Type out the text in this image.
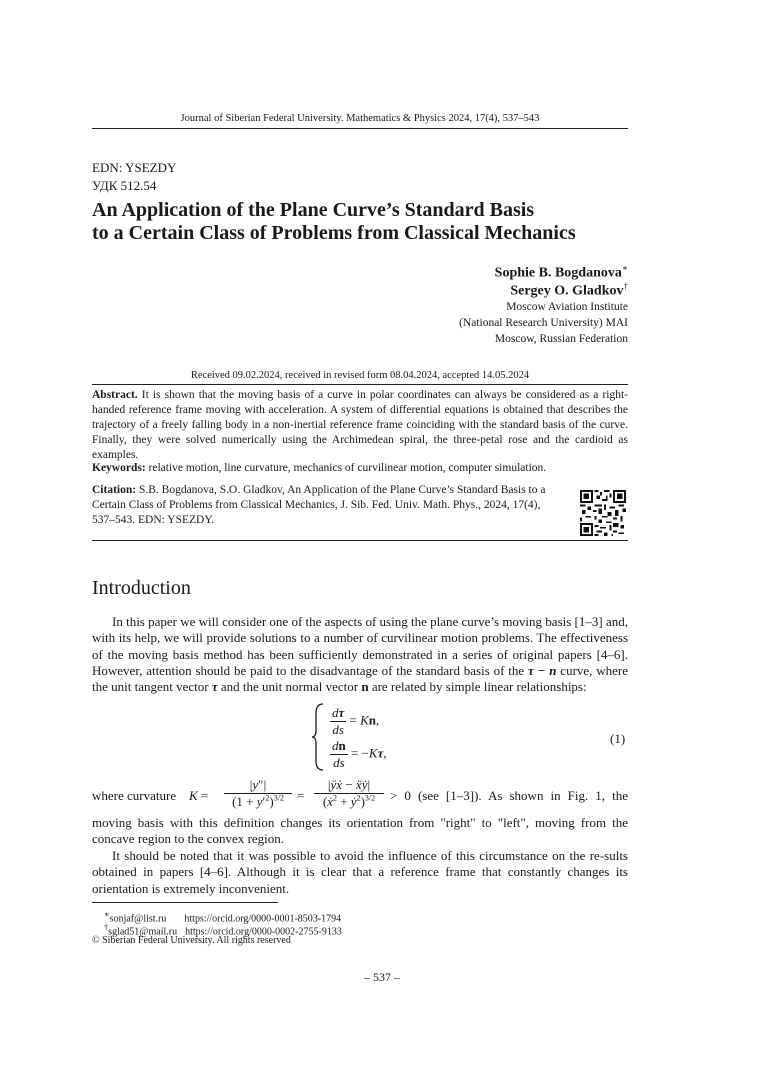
Journal of Siberian Federal University. Mathematics & Physics 2024, 17(4), 537–543
EDN: YSEZDY
УДК 512.54
An Application of the Plane Curve’s Standard Basis
to a Certain Class of Problems from Classical Mechanics
Sophie B. Bogdanova∗
Sergey O. Gladkov†
Moscow Aviation Institute
(National Research University) MAI
Moscow, Russian Federation
Received 09.02.2024, received in revised form 08.04.2024, accepted 14.05.2024
Abstract. It is shown that the moving basis of a curve in polar coordinates can always be considered as a right-handed reference frame moving with acceleration. A system of differential equations is obtained that describes the trajectory of a freely falling body in a non-inertial reference frame coinciding with the standard basis of the curve. Finally, they were solved numerically using the Archimedean spiral, the three-petal rose and the cardioid as examples.
Keywords: relative motion, line curvature, mechanics of curvilinear motion, computer simulation.
Citation: S.B. Bogdanova, S.O. Gladkov, An Application of the Plane Curve’s Standard Basis to a Certain Class of Problems from Classical Mechanics, J. Sib. Fed. Univ. Math. Phys., 2024, 17(4), 537–543. EDN: YSEZDY.
Introduction
In this paper we will consider one of the aspects of using the plane curve’s moving basis [1–3] and, with its help, we will provide solutions to a number of curvilinear motion problems. The effectiveness of the moving basis method has been sufficiently demonstrated in a series of original papers [4–6]. However, attention should be paid to the disadvantage of the standard basis of the τ − n curve, where the unit tangent vector τ and the unit normal vector n are related by simple linear relationships:
$\frac{d\tau}{ds} = Kn$,
$\frac{dn}{ds} = -K\tau$,
(1)
where curvature $K = \frac{|y''|}{(1 + y'^2)^{3/2}} = \frac{\text{|ÿẋ − ẍẏ|}}{(ẋ^2 + ẏ^2)^{3/2}} > 0$ (see [1–3]). As shown in Fig. 1, the
moving basis with this definition changes its orientation from "right" to "left", moving from the concave region to the convex region.
It should be noted that it was possible to avoid the influence of this circumstance on the re-sults obtained in papers [4–6]. Although it is clear that a reference frame that constantly changes its orientation is extremely inconvenient.
∗sonjaf@list.ru https://orcid.org/0000-0001-8503-1794
†sglad51@mail.ru https://orcid.org/0000-0002-2755-9133
© Siberian Federal University. All rights reserved
– 537 –
